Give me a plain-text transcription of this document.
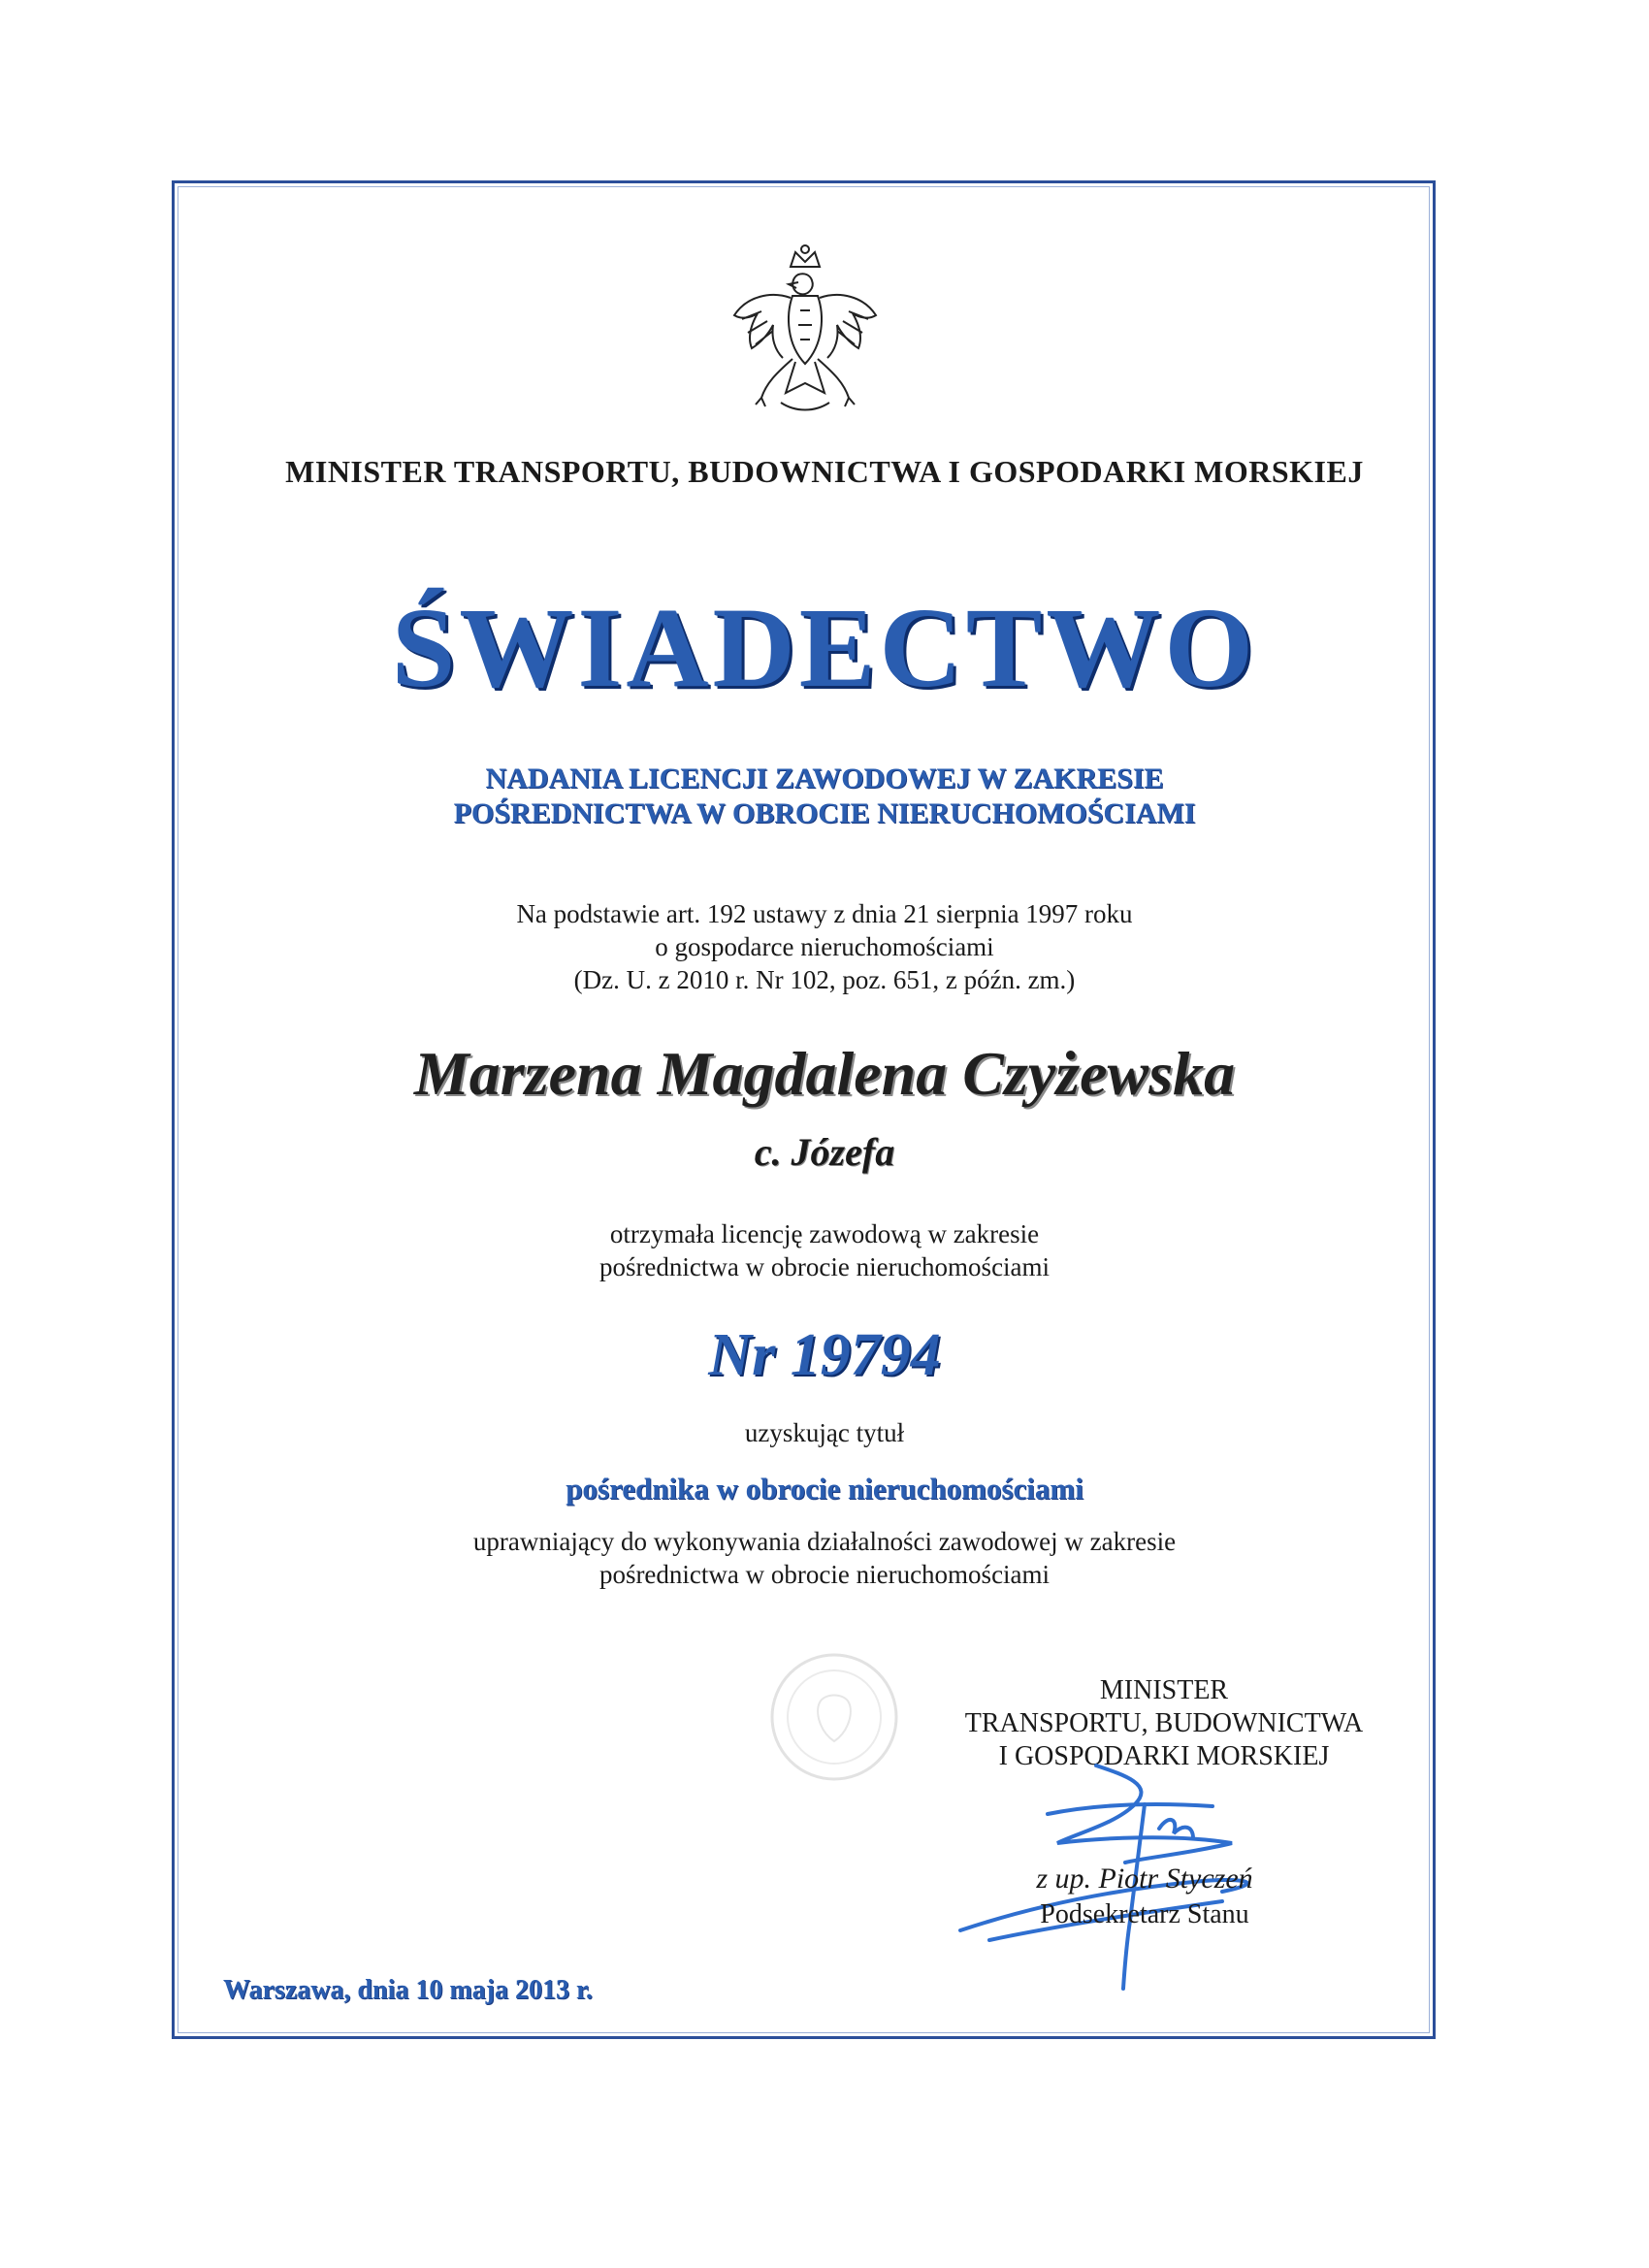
MINISTER TRANSPORTU, BUDOWNICTWA I GOSPODARKI MORSKIEJ
ŚWIADECTWO
NADANIA LICENCJI ZAWODOWEJ W ZAKRESIE
POŚREDNICTWA W OBROCIE NIERUCHOMOŚCIAMI
Na podstawie art. 192 ustawy z dnia 21 sierpnia 1997 roku
o gospodarce nieruchomościami
(Dz. U. z 2010 r. Nr 102, poz. 651, z późn. zm.)
Marzena Magdalena Czyżewska
c. Józefa
otrzymała licencję zawodową w zakresie
pośrednictwa w obrocie nieruchomościami
Nr 19794
uzyskując tytuł
pośrednika w obrocie nieruchomościami
uprawniający do wykonywania działalności zawodowej w zakresie
pośrednictwa w obrocie nieruchomościami
MINISTER
TRANSPORTU, BUDOWNICTWA
I GOSPODARKI MORSKIEJ
z up. Piotr Styczeń
Podsekretarz Stanu
Warszawa, dnia 10 maja 2013 r.
